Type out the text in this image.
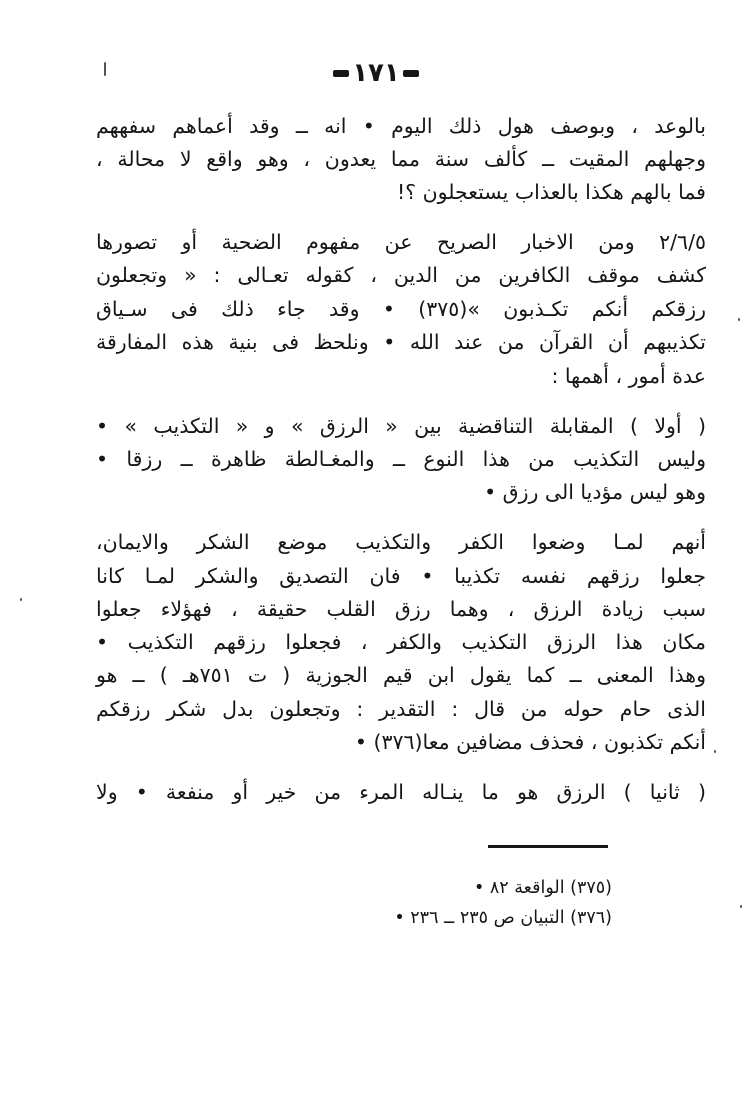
١٧١
بالوعد ، وبوصف هول ذلك اليوم • انه ــ وقد أعماهم سفههم
وجهلهم المقيت ــ كألف سنة مما يعدون ، وهو واقع لا محالة ،
فما بالهم هكذا بالعذاب يستعجلون ؟!
٢/٦/٥ ومن الاخبار الصريح عن مفهوم الضحية أو تصورها
كشف موقف الكافرين من الدين ، كقوله تعـالى : « وتجعلون
رزقكم أنكم تكـذبون »(٣٧٥) • وقد جاء ذلك فى سـياق
تكذيبهم أن القرآن من عند الله • ونلحظ فى بنية هذه المفارقة
عدة أمور ، أهمها :
( أولا ) المقابلة التناقضية بين « الرزق » و « التكذيب » •
وليس التكذيب من هذا النوع ــ والمغـالطة ظاهرة ــ رزقا •
وهو ليس مؤديا الى رزق •
أنهم لمـا وضعوا الكفر والتكذيب موضع الشكر والايمان،
جعلوا رزقهم نفسه تكذيبا • فان التصديق والشكر لمـا كانا
سبب زيادة الرزق ، وهما رزق القلب حقيقة ، فهؤلاء جعلوا
مكان هذا الرزق التكذيب والكفر ، فجعلوا رزقهم التكذيب •
وهذا المعنى ــ كما يقول ابن قيم الجوزية ( ت ٧٥١هـ ) ــ هو
الذى حام حوله من قال : التقدير : وتجعلون بدل شكر رزقكم
أنكم تكذبون ، فحذف مضافين معا(٣٧٦) •
( ثانيا ) الرزق هو ما ينـاله المرء من خير أو منفعة • ولا
(٣٧٥) الواقعة ٨٢ •
(٣٧٦) التبيان ص ٢٣٥ ــ ٢٣٦ •
